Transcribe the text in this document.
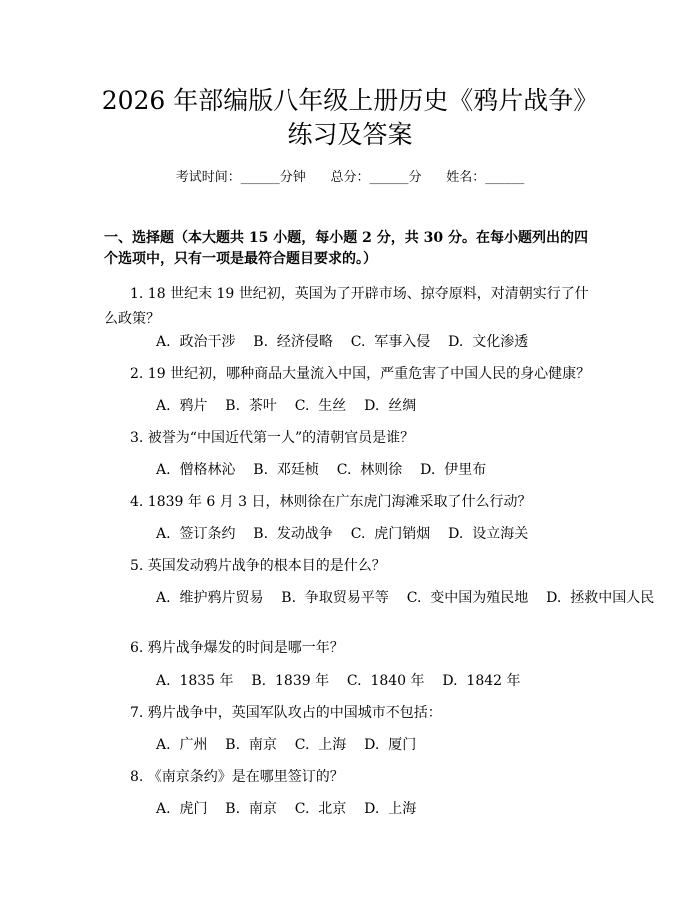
2026 年部编版八年级上册历史《鸦片战争》
练习及答案
考试时间：______分钟      总分：______分      姓名：______

一、选择题（本大题共 15 小题，每小题 2 分，共 30 分。在每小题列出的四个选项中，只有一项是最符合题目要求的。）

1. 18 世纪末 19 世纪初，英国为了开辟市场、掠夺原料，对清朝实行了什么政策？

A.  政治干涉 B.  经济侵略 C.  军事入侵 D.  文化渗透

2. 19 世纪初，哪种商品大量流入中国，严重危害了中国人民的身心健康？

A.  鸦片 B.  茶叶 C.  生丝 D.  丝绸

3. 被誉为“中国近代第一人”的清朝官员是谁？

A.  僧格林沁 B.  邓廷桢 C.  林则徐 D.  伊里布

4. 1839 年 6 月 3 日，林则徐在广东虎门海滩采取了什么行动？

A.  签订条约 B.  发动战争 C.  虎门销烟 D.  设立海关

5. 英国发动鸦片战争的根本目的是什么？

A.  维护鸦片贸易 B.  争取贸易平等 C.  变中国为殖民地 D.  拯救中国人民

6. 鸦片战争爆发的时间是哪一年？

A.  1835 年 B.  1839 年 C.  1840 年 D.  1842 年

7. 鸦片战争中，英国军队攻占的中国城市不包括：

A.  广州 B.  南京 C.  上海 D.  厦门

8. 《南京条约》是在哪里签订的？

A.  虎门 B.  南京 C.  北京 D.  上海
